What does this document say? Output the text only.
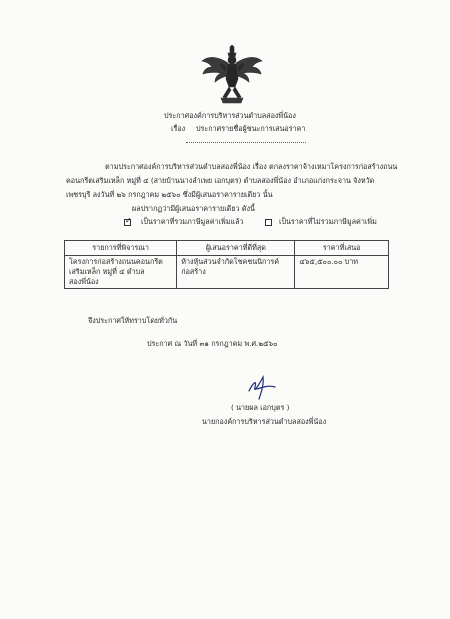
ประกาศองค์การบริหารส่วนตำบลสองพี่น้อง
เรื่อง ประกาศรายชื่อผู้ชนะการเสนอราคา
ตามประกาศองค์การบริหารส่วนตำบลสองพี่น้อง เรื่อง ตกลงราคาจ้างเหมาโครงการก่อสร้างถนน
คอนกรีตเสริมเหล็ก หมู่ที่ ๔ (สายบ้านนางลำเพย เอกบุตร) ตำบลสองพี่น้อง อำเภอแก่งกระจาน จังหวัด
เพชรบุรี ลงวันที่ ๒๖ กรกฎาคม ๒๕๖๐ ซึ่งมีผู้เสนอราคารายเดียว นั้น
ผลปรากฏว่ามีผู้เสนอราคารายเดียว ดังนี้
✓ เป็นราคาที่รวมภาษีมูลค่าเพิ่มแล้ว	เป็นราคาที่ไม่รวมภาษีมูลค่าเพิ่ม
รายการที่พิจารณา	ผู้เสนอราคาที่ดีที่สุด	ราคาที่เสนอ
โครงการก่อสร้างถนนคอนกรีต เสริมเหล็ก หมู่ที่ ๔ ตำบลสองพี่น้อง	ห้างหุ้นส่วนจำกัดโชคชนนิการค์ก่อสร้าง	๔๖๕,๕๐๐.๐๐ บาท
จึงประกาศให้ทราบโดยทั่วกัน
ประกาศ ณ วันที่ ๓๑ กรกฎาคม พ.ศ.๒๕๖๐
( นายผล เอกบุตร )
นายกองค์การบริหารส่วนตำบลสองพี่น้อง
